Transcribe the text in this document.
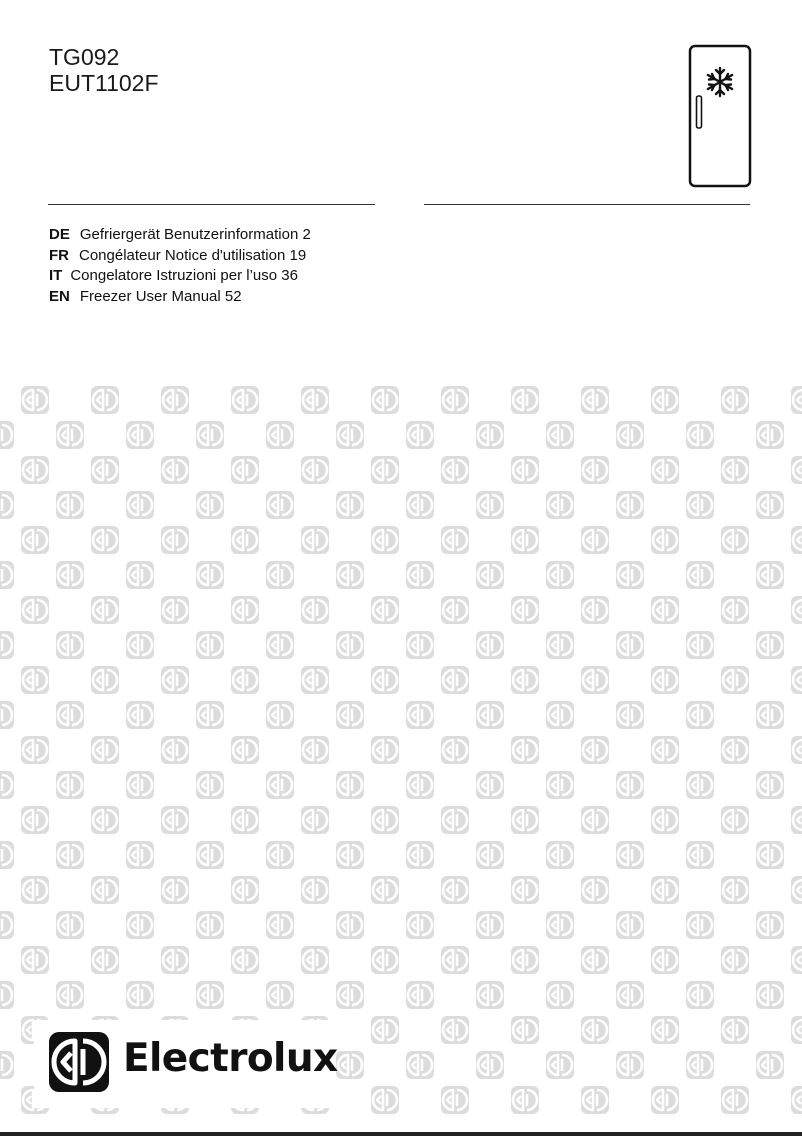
TG092
EUT1102F
DE Gefriergerät Benutzerinformation 2
FR Congélateur Notice d'utilisation 19
IT Congelatore Istruzioni per l’uso 36
EN Freezer User Manual 52
Electrolux
